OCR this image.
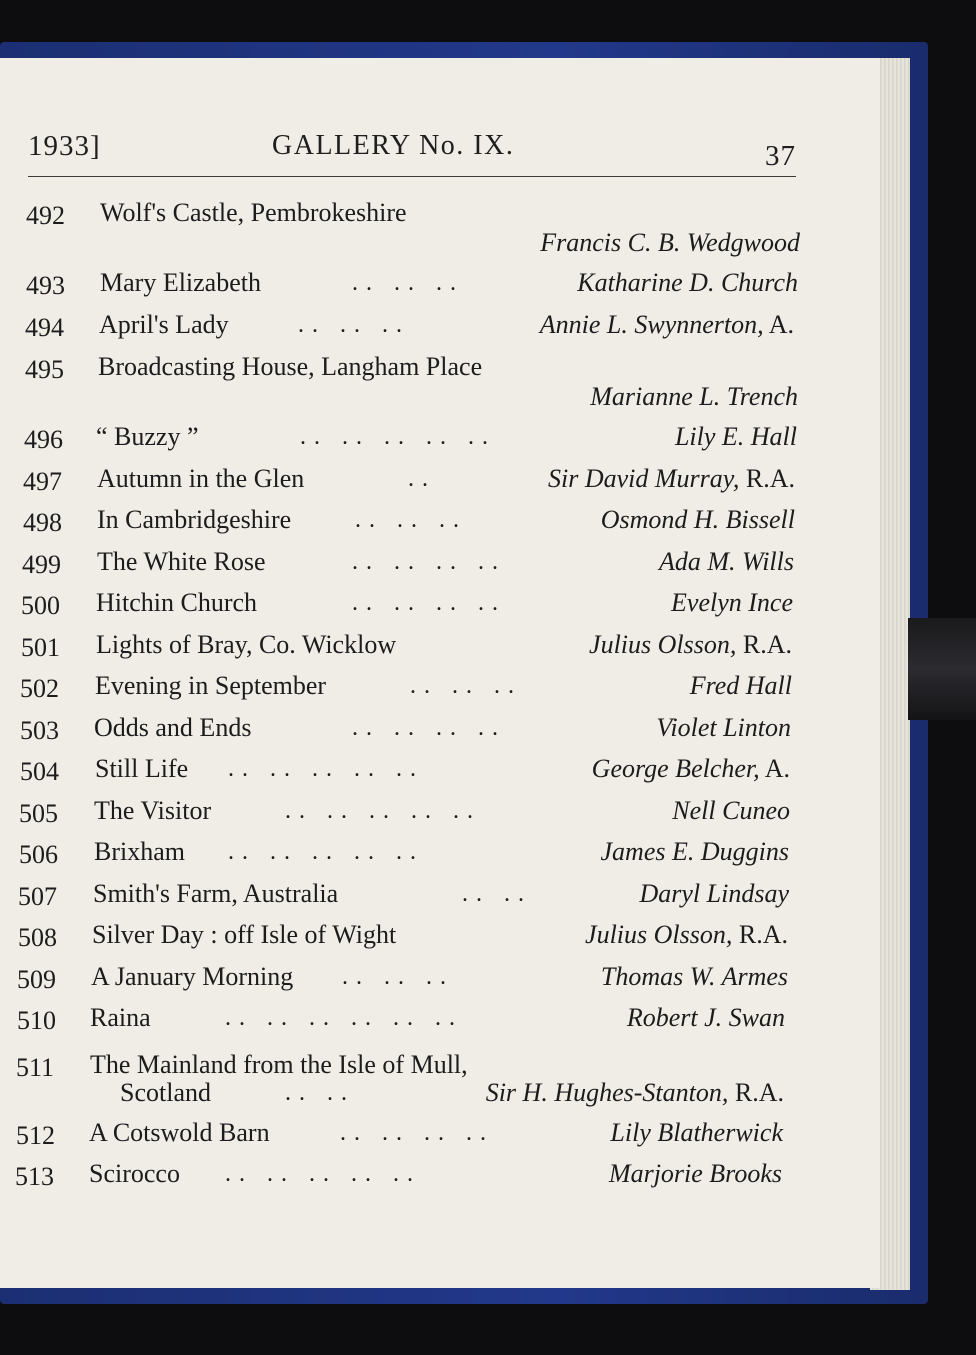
1933]	GALLERY No. IX.	37
492 Wolf's Castle, Pembrokeshire
Francis C. B. Wedgwood
493 Mary Elizabeth	. .   . .   . .	Katharine D. Church
494 April's Lady	. .   . .   . .	Annie L. Swynnerton, A.
495 Broadcasting House, Langham Place
Marianne L. Trench
496 “ Buzzy ”	. .   . .   . .   . .   . .	Lily E. Hall
497 Autumn in the Glen	. .	Sir David Murray, R.A.
498 In Cambridgeshire	. .   . .   . .	Osmond H. Bissell
499 The White Rose	. .   . .   . .   . .	Ada M. Wills
500 Hitchin Church	. .   . .   . .   . .	Evelyn Ince
501 Lights of Bray, Co. Wicklow	Julius Olsson, R.A.
502 Evening in September	. .   . .   . .	Fred Hall
503 Odds and Ends	. .   . .   . .   . .	Violet Linton
504 Still Life . .   . .   . .   . .   . .	George Belcher, A.
505 The Visitor	. .   . .   . .   . .   . .	Nell Cuneo
506 Brixham . .   . .   . .   . .   . .	James E. Duggins
507 Smith's Farm, Australia	. .   . .	Daryl Lindsay
508 Silver Day : off Isle of Wight	Julius Olsson, R.A.
509 A January Morning . .   . .   . .	Thomas W. Armes
510 Raina	. .   . .   . .   . .   . .   . .	Robert J. Swan
511 The Mainland from the Isle of Mull,
Scotland	. .   . .	Sir H. Hughes-Stanton, R.A.
512 A Cotswold Barn	. .   . .   . .   . .	Lily Blatherwick
513 Scirocco . .   . .   . .   . .   . .	Marjorie Brooks
